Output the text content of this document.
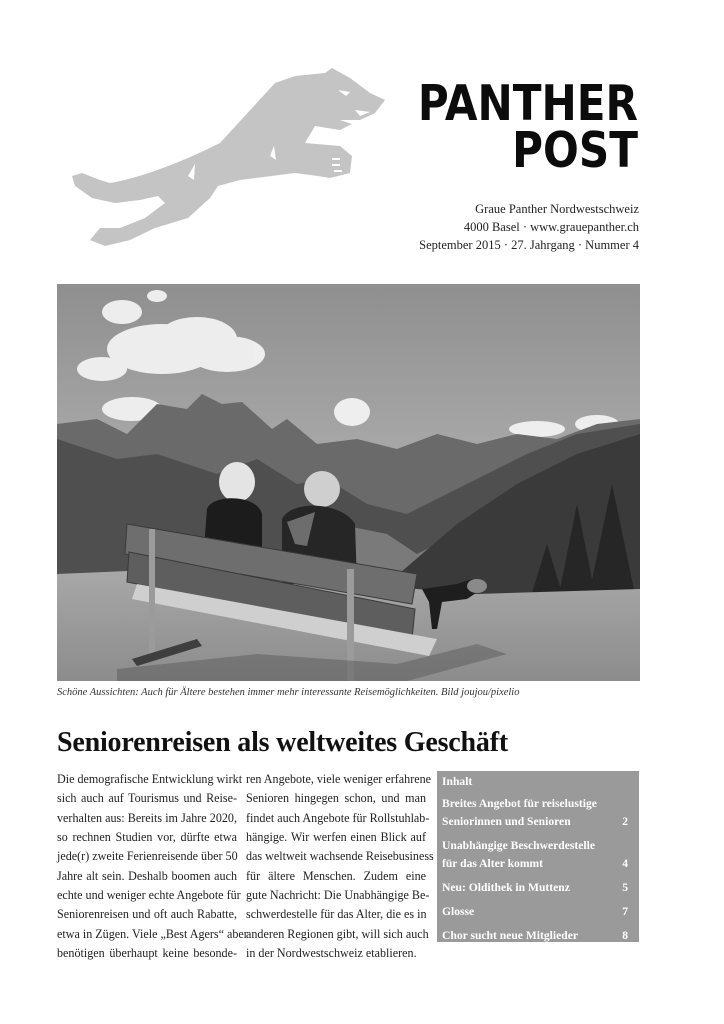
PANTHER
POST
Graue Panther Nordwestschweiz
4000 Basel · www.grauepanther.ch
September 2015 · 27. Jahrgang · Nummer 4
Schöne Aussichten: Auch für Ältere bestehen immer mehr interessante Reisemöglichkeiten. Bild joujou/pixelio
Seniorenreisen als weltweites Geschäft
Die demografische Entwicklung wirkt
sich auch auf Tourismus und Reise-
verhalten aus: Bereits im Jahre 2020,
so rechnen Studien vor, dürfte etwa
jede(r) zweite Ferienreisende über 50
Jahre alt sein. Deshalb boomen auch
echte und weniger echte Angebote für
Seniorenreisen und oft auch Rabatte,
etwa in Zügen. Viele „Best Agers“ aber
benötigen überhaupt keine besonde-
ren Angebote, viele weniger erfahrene
Senioren hingegen schon, und man
findet auch Angebote für Rollstuhlab-
hängige. Wir werfen einen Blick auf
das weltweit wachsende Reisebusiness
für ältere Menschen. Zudem eine
gute Nachricht: Die Unabhängige Be-
schwerdestelle für das Alter, die es in
anderen Regionen gibt, will sich auch
in der Nordwestschweiz etablieren.
Inhalt
Breites Angebot für reiselustige
Seniorinnen und Senioren	2
Unabhängige Beschwerdestelle
für das Alter kommt	4
Neu: Oldithek in Muttenz	5
Glosse	7
Chor sucht neue Mitglieder	8
